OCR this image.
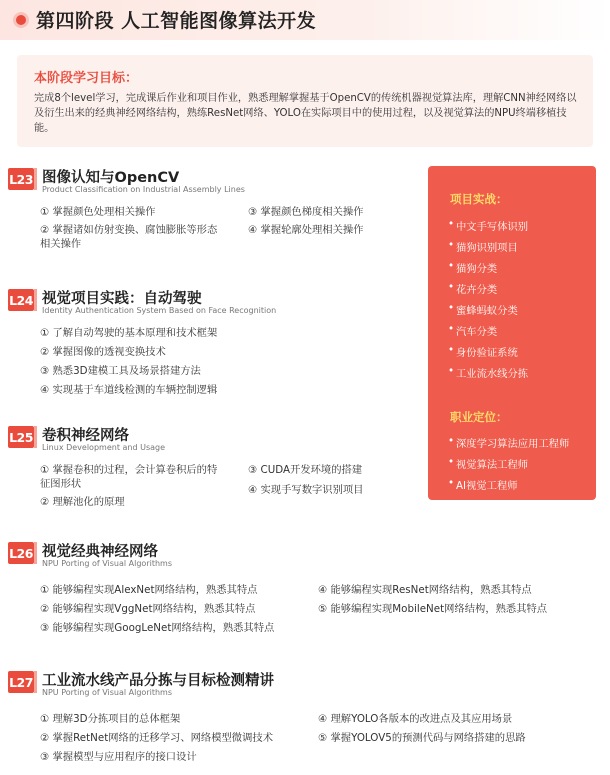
第四阶段 人工智能图像算法开发
本阶段学习目标：
完成8个level学习，完成课后作业和项目作业，熟悉理解掌握基于OpenCV的传统机器视觉算法库，理解CNN神经网络以及衍生出来的经典神经网络结构，熟练ResNet网络、YOLO在实际项目中的使用过程，以及视觉算法的NPU终端移植技能。
L23 图像认知与OpenCV
Product Classification on Industrial Assembly Lines
① 掌握颜色处理相关操作
② 掌握诸如仿射变换、腐蚀膨胀等形态相关操作
③ 掌握颜色梯度相关操作
④ 掌握轮廓处理相关操作
L24 视觉项目实践：自动驾驶
Identity Authentication System Based on Face Recognition
① 了解自动驾驶的基本原理和技术框架
② 掌握图像的透视变换技术
③ 熟悉3D建模工具及场景搭建方法
④ 实现基于车道线检测的车辆控制逻辑
L25 卷积神经网络
Linux Development and Usage
① 掌握卷积的过程，会计算卷积后的特征图形状
② 理解池化的原理
③ CUDA开发环境的搭建
④ 实现手写数字识别项目
项目实战：
• 中文手写体识别
• 猫狗识别项目
• 猫狗分类
• 花卉分类
• 蜜蜂蚂蚁分类
• 汽车分类
• 身份验证系统
• 工业流水线分拣
职业定位：
• 深度学习算法应用工程师
• 视觉算法工程师
• AI视觉工程师
L26 视觉经典神经网络
NPU Porting of Visual Algorithms
① 能够编程实现AlexNet网络结构，熟悉其特点
② 能够编程实现VggNet网络结构，熟悉其特点
③ 能够编程实现GoogLeNet网络结构，熟悉其特点
④ 能够编程实现ResNet网络结构，熟悉其特点
⑤ 能够编程实现MobileNet网络结构，熟悉其特点
L27 工业流水线产品分拣与目标检测精讲
NPU Porting of Visual Algorithms
① 理解3D分拣项目的总体框架
② 掌握RetNet网络的迁移学习、网络模型微调技术
③ 掌握模型与应用程序的接口设计
④ 理解YOLO各版本的改进点及其应用场景
⑤ 掌握YOLOV5的预测代码与网络搭建的思路
